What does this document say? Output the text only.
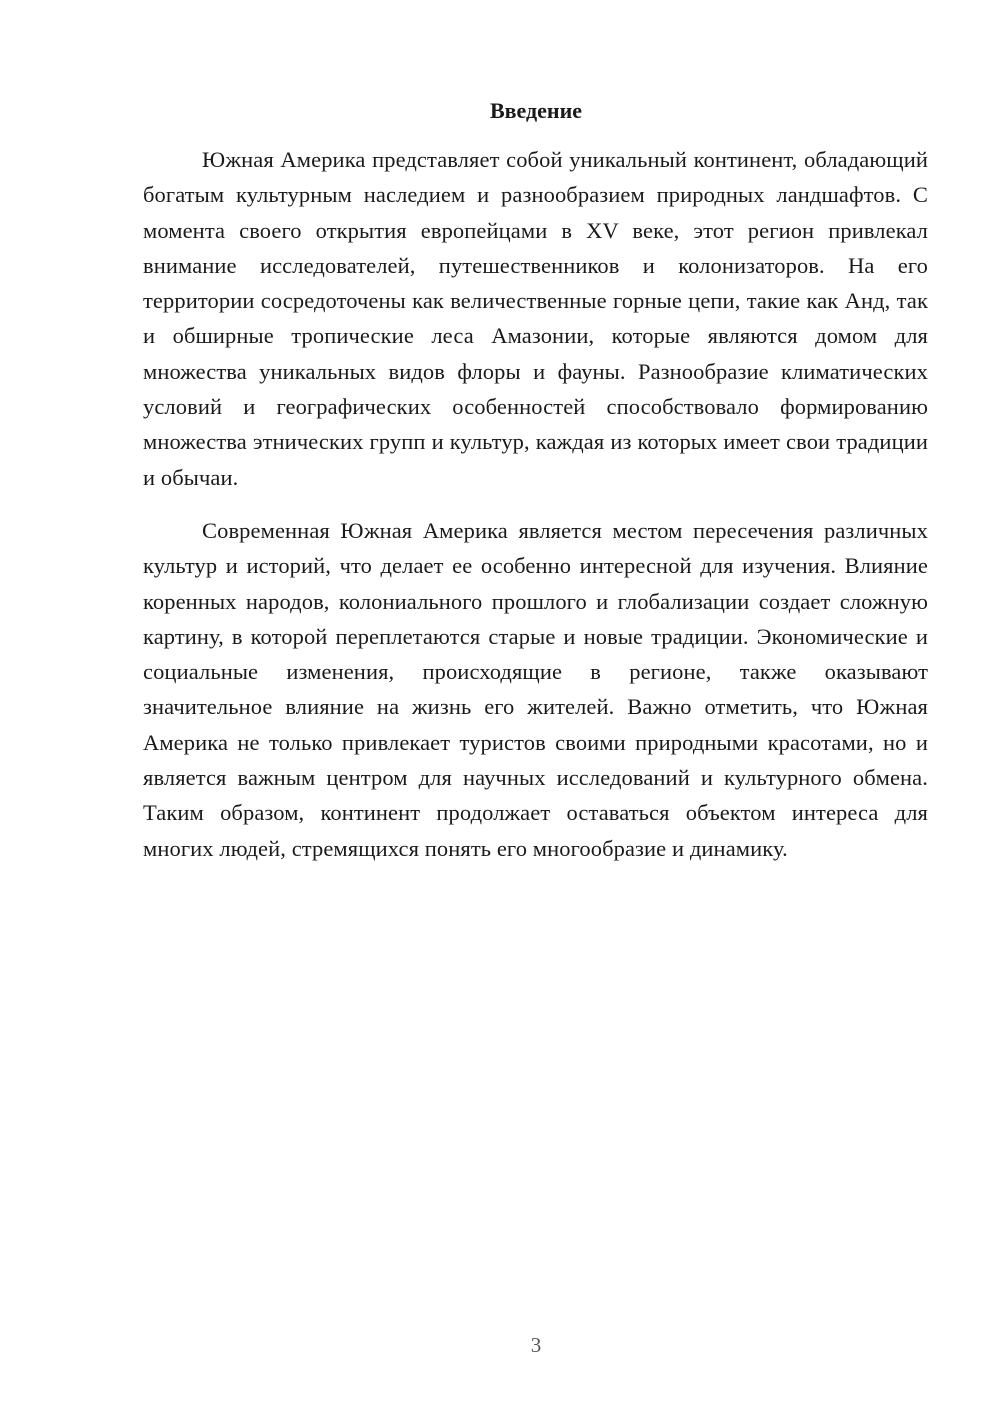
Введение

Южная Америка представляет собой уникальный континент, обладающий богатым культурным наследием и разнообразием природных ландшафтов. С момента своего открытия европейцами в XV веке, этот регион привлекал внимание исследователей, путешественников и колонизаторов. На его территории сосредоточены как величественные горные цепи, такие как Анд, так и обширные тропические леса Амазонии, которые являются домом для множества уникальных видов флоры и фауны. Разнообразие климатических условий и географических особенностей способствовало формированию множества этнических групп и культур, каждая из которых имеет свои традиции и обычаи.

Современная Южная Америка является местом пересечения различных культур и историй, что делает ее особенно интересной для изучения. Влияние коренных народов, колониального прошлого и глобализации создает сложную картину, в которой переплетаются старые и новые традиции. Экономические и социальные изменения, происходящие в регионе, также оказывают значительное влияние на жизнь его жителей. Важно отметить, что Южная Америка не только привлекает туристов своими природными красотами, но и является важным центром для научных исследований и культурного обмена. Таким образом, континент продолжает оставаться объектом интереса для многих людей, стремящихся понять его многообразие и динамику.

3
